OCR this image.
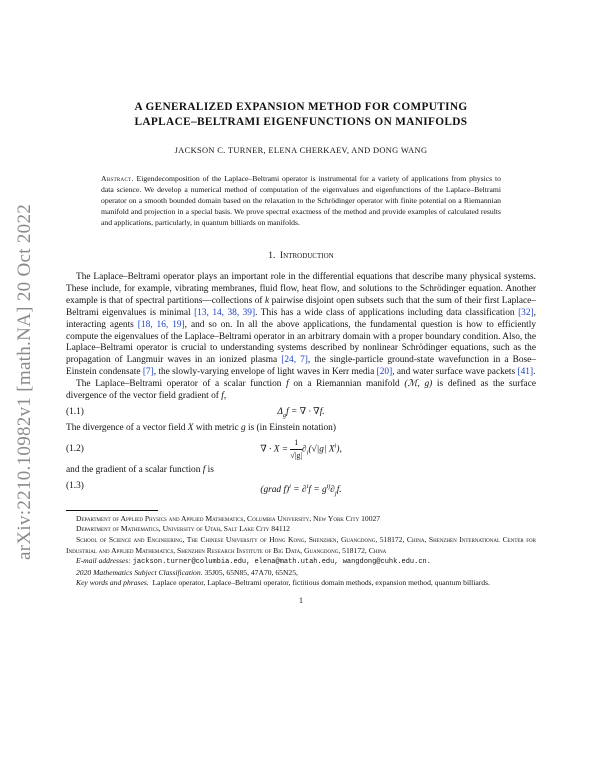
arXiv:2210.10982v1 [math.NA] 20 Oct 2022
A GENERALIZED EXPANSION METHOD FOR COMPUTING
LAPLACE–BELTRAMI EIGENFUNCTIONS ON MANIFOLDS
JACKSON C. TURNER, ELENA CHERKAEV, AND DONG WANG
Abstract. Eigendecomposition of the Laplace–Beltrami operator is instrumental for a variety of applications from physics to data science. We develop a numerical method of computation of the eigenvalues and eigenfunctions of the Laplace–Beltrami operator on a smooth bounded domain based on the relaxation to the Schrödinger operator with finite potential on a Riemannian manifold and projection in a special basis. We prove spectral exactness of the method and provide examples of calculated results and applications, particularly, in quantum billiards on manifolds.
1. Introduction

The Laplace–Beltrami operator plays an important role in the differential equations that describe many physical systems. These include, for example, vibrating membranes, fluid flow, heat flow, and solutions to the Schrödinger equation. Another example is that of spectral partitions—collections of k pairwise disjoint open subsets such that the sum of their first Laplace–Beltrami eigenvalues is minimal [13, 14, 38, 39]. This has a wide class of applications including data classification [32], interacting agents [18, 16, 19], and so on. In all the above applications, the fundamental question is how to efficiently compute the eigenvalues of the Laplace–Beltrami operator in an arbitrary domain with a proper boundary condition. Also, the Laplace–Beltrami operator is crucial to understanding systems described by nonlinear Schrödinger equations, such as the propagation of Langmuir waves in an ionized plasma [24, 7], the single-particle ground-state wavefunction in a Bose–Einstein condensate [7], the slowly-varying envelope of light waves in Kerr media [20], and water surface wave packets [41].

The Laplace–Beltrami operator of a scalar function f on a Riemannian manifold (ℳ, g) is defined as the surface divergence of the vector field gradient of f,

(1.1)	$\Delta_gf$ = ∇ · ∇f.
The divergence of a vector field X with metric g is (in Einstein notation)
(1.2)	∇ · $X = \frac{1}{√|g|} \partial_i(√|g|$ $X^i$),
and the gradient of a scalar function f is
(1.3)	(grad $f)^i = \partial^if = g^{ij}\partial_jf$.

Department of Applied Physics and Applied Mathematics, Columbia University, New York City 10027

Department of Mathematics, University of Utah, Salt Lake City 84112

School of Science and Engineering, The Chinese University of Hong Kong, Shenzhen, Guangdong, 518172, China, Shenzhen International Center for Industrial and Applied Mathematics, Shenzhen Research Institute of Big Data, Guangdong, 518172, China

E-mail addresses: jackson.turner@columbia.edu, elena@math.utah.edu, wangdong@cuhk.edu.cn.

2020 Mathematics Subject Classification. 35J05, 65N85, 47A70, 65N25,

Key words and phrases. Laplace operator, Laplace–Beltrami operator, fictitious domain methods, expansion method, quantum billiards.

1
